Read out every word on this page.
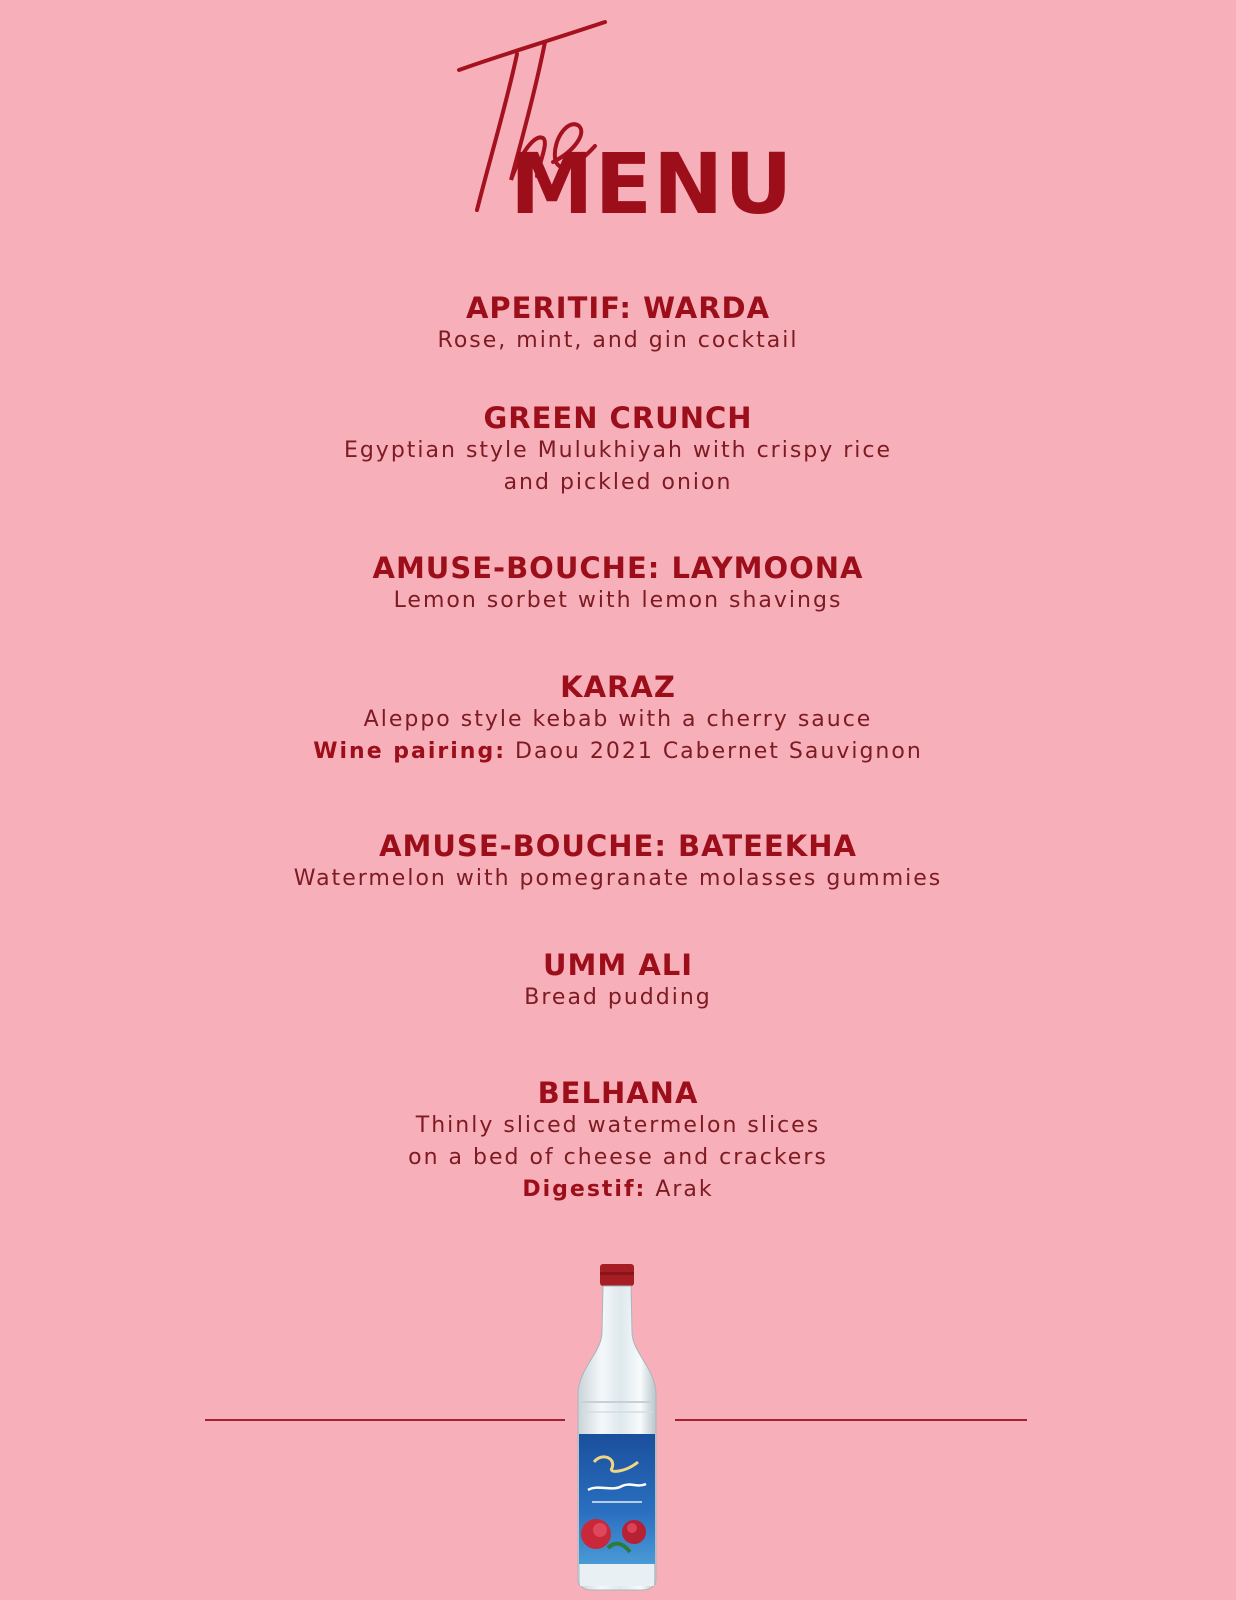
MENU
APERITIF: WARDA
Rose, mint, and gin cocktail
GREEN CRUNCH
Egyptian style Mulukhiyah with crispy rice
and pickled onion
AMUSE-BOUCHE: LAYMOONA
Lemon sorbet with lemon shavings
KARAZ
Aleppo style kebab with a cherry sauce
Wine pairing: Daou 2021 Cabernet Sauvignon
AMUSE-BOUCHE: BATEEKHA
Watermelon with pomegranate molasses gummies
UMM ALI
Bread pudding
BELHANA
Thinly sliced watermelon slices
on a bed of cheese and crackers
Digestif: Arak
